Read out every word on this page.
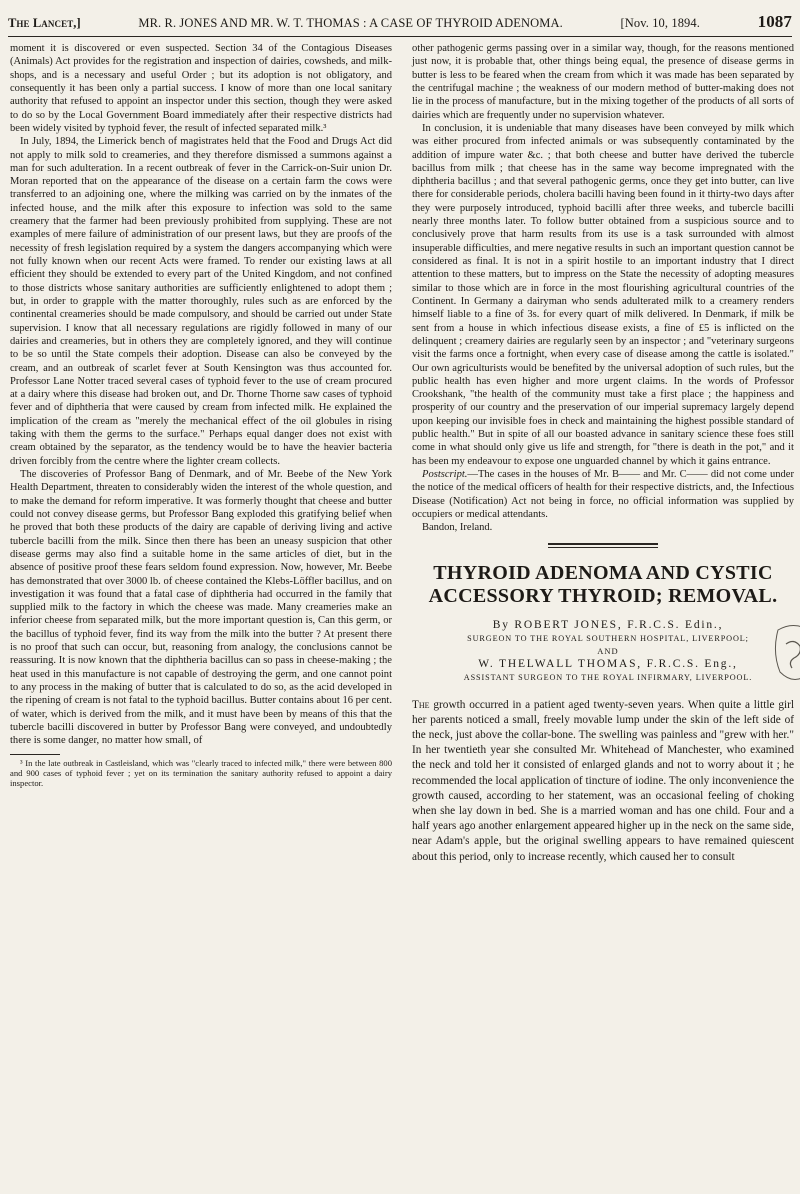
The Lancet,]	MR. R. JONES AND MR. W. T. THOMAS : A CASE OF THYROID ADENOMA.	[Nov. 10, 1894.	1087

moment it is discovered or even suspected. Section 34 of the Contagious Diseases (Animals) Act provides for the registration and inspection of dairies, cowsheds, and milk-shops, and is a necessary and useful Order ; but its adoption is not obligatory, and consequently it has been only a partial success. I know of more than one local sanitary authority that refused to appoint an inspector under this section, though they were asked to do so by the Local Government Board immediately after their respective districts had been widely visited by typhoid fever, the result of infected separated milk.³

In July, 1894, the Limerick bench of magistrates held that the Food and Drugs Act did not apply to milk sold to creameries, and they therefore dismissed a summons against a man for such adulteration. In a recent outbreak of fever in the Carrick-on-Suir union Dr. Moran reported that on the appearance of the disease on a certain farm the cows were transferred to an adjoining one, where the milking was carried on by the inmates of the infected house, and the milk after this exposure to infection was sold to the same creamery that the farmer had been previously prohibited from supplying. These are not examples of mere failure of administration of our present laws, but they are proofs of the necessity of fresh legislation required by a system the dangers accompanying which were not fully known when our recent Acts were framed. To render our existing laws at all efficient they should be extended to every part of the United Kingdom, and not confined to those districts whose sanitary authorities are sufficiently enlightened to adopt them ; but, in order to grapple with the matter thoroughly, rules such as are enforced by the continental creameries should be made compulsory, and should be carried out under State supervision. I know that all necessary regulations are rigidly followed in many of our dairies and creameries, but in others they are completely ignored, and they will continue to be so until the State compels their adoption. Disease can also be conveyed by the cream, and an outbreak of scarlet fever at South Kensington was thus accounted for. Professor Lane Notter traced several cases of typhoid fever to the use of cream procured at a dairy where this disease had broken out, and Dr. Thorne Thorne saw cases of typhoid fever and of diphtheria that were caused by cream from infected milk. He explained the implication of the cream as "merely the mechanical effect of the oil globules in rising taking with them the germs to the surface." Perhaps equal danger does not exist with cream obtained by the separator, as the tendency would be to have the heavier bacteria driven forcibly from the centre where the lighter cream collects.

The discoveries of Professor Bang of Denmark, and of Mr. Beebe of the New York Health Department, threaten to considerably widen the interest of the whole question, and to make the demand for reform imperative. It was formerly thought that cheese and butter could not convey disease germs, but Professor Bang exploded this gratifying belief when he proved that both these products of the dairy are capable of deriving living and active tubercle bacilli from the milk. Since then there has been an uneasy suspicion that other disease germs may also find a suitable home in the same articles of diet, but in the absence of positive proof these fears seldom found expression. Now, however, Mr. Beebe has demonstrated that over 3000 lb. of cheese contained the Klebs-Löffler bacillus, and on investigation it was found that a fatal case of diphtheria had occurred in the family that supplied milk to the factory in which the cheese was made. Many creameries make an inferior cheese from separated milk, but the more important question is, Can this germ, or the bacillus of typhoid fever, find its way from the milk into the butter ? At present there is no proof that such can occur, but, reasoning from analogy, the conclusions cannot be reassuring. It is now known that the diphtheria bacillus can so pass in cheese-making ; the heat used in this manufacture is not capable of destroying the germ, and one cannot point to any process in the making of butter that is calculated to do so, as the acid developed in the ripening of cream is not fatal to the typhoid bacillus. Butter contains about 16 per cent. of water, which is derived from the milk, and it must have been by means of this that the tubercle bacilli discovered in butter by Professor Bang were conveyed, and undoubtedly there is some danger, no matter how small, of

³ In the late outbreak in Castleisland, which was "clearly traced to infected milk," there were between 800 and 900 cases of typhoid fever ; yet on its termination the sanitary authority refused to appoint a dairy inspector.

other pathogenic germs passing over in a similar way, though, for the reasons mentioned just now, it is probable that, other things being equal, the presence of disease germs in butter is less to be feared when the cream from which it was made has been separated by the centrifugal machine ; the weakness of our modern method of butter-making does not lie in the process of manufacture, but in the mixing together of the products of all sorts of dairies which are frequently under no supervision whatever.

In conclusion, it is undeniable that many diseases have been conveyed by milk which was either procured from infected animals or was subsequently contaminated by the addition of impure water &c. ; that both cheese and butter have derived the tubercle bacillus from milk ; that cheese has in the same way become impregnated with the diphtheria bacillus ; and that several pathogenic germs, once they get into butter, can live there for considerable periods, cholera bacilli having been found in it thirty-two days after they were purposely introduced, typhoid bacilli after three weeks, and tubercle bacilli nearly three months later. To follow butter obtained from a suspicious source and to conclusively prove that harm results from its use is a task surrounded with almost insuperable difficulties, and mere negative results in such an important question cannot be considered as final. It is not in a spirit hostile to an important industry that I direct attention to these matters, but to impress on the State the necessity of adopting measures similar to those which are in force in the most flourishing agricultural countries of the Continent. In Germany a dairyman who sends adulterated milk to a creamery renders himself liable to a fine of 3s. for every quart of milk delivered. In Denmark, if milk be sent from a house in which infectious disease exists, a fine of £5 is inflicted on the delinquent ; creamery dairies are regularly seen by an inspector ; and "veterinary surgeons visit the farms once a fortnight, when every case of disease among the cattle is isolated." Our own agriculturists would be benefited by the universal adoption of such rules, but the public health has even higher and more urgent claims. In the words of Professor Crookshank, "the health of the community must take a first place ; the happiness and prosperity of our country and the preservation of our imperial supremacy largely depend upon keeping our invisible foes in check and maintaining the highest possible standard of public health." But in spite of all our boasted advance in sanitary science these foes still come in what should only give us life and strength, for "there is death in the pot," and it has been my endeavour to expose one unguarded channel by which it gains entrance.

Postscript.—The cases in the houses of Mr. B—— and Mr. C—— did not come under the notice of the medical officers of health for their respective districts, and, the Infectious Disease (Notification) Act not being in force, no official information was supplied by occupiers or medical attendants.

Bandon, Ireland.

THYROID ADENOMA AND CYSTIC ACCESSORY THYROID; REMOVAL.

By ROBERT JONES, F.R.C.S. Edin.,

SURGEON TO THE ROYAL SOUTHERN HOSPITAL, LIVERPOOL;

AND

W. THELWALL THOMAS, F.R.C.S. Eng.,

ASSISTANT SURGEON TO THE ROYAL INFIRMARY, LIVERPOOL.

The growth occurred in a patient aged twenty-seven years. When quite a little girl her parents noticed a small, freely movable lump under the skin of the left side of the neck, just above the collar-bone. The swelling was painless and "grew with her." In her twentieth year she consulted Mr. Whitehead of Manchester, who examined the neck and told her it consisted of enlarged glands and not to worry about it ; he recommended the local application of tincture of iodine. The only inconvenience the growth caused, according to her statement, was an occasional feeling of choking when she lay down in bed. She is a married woman and has one child. Four and a half years ago another enlargement appeared higher up in the neck on the same side, near Adam's apple, but the original swelling appears to have remained quiescent about this period, only to increase recently, which caused her to consult
